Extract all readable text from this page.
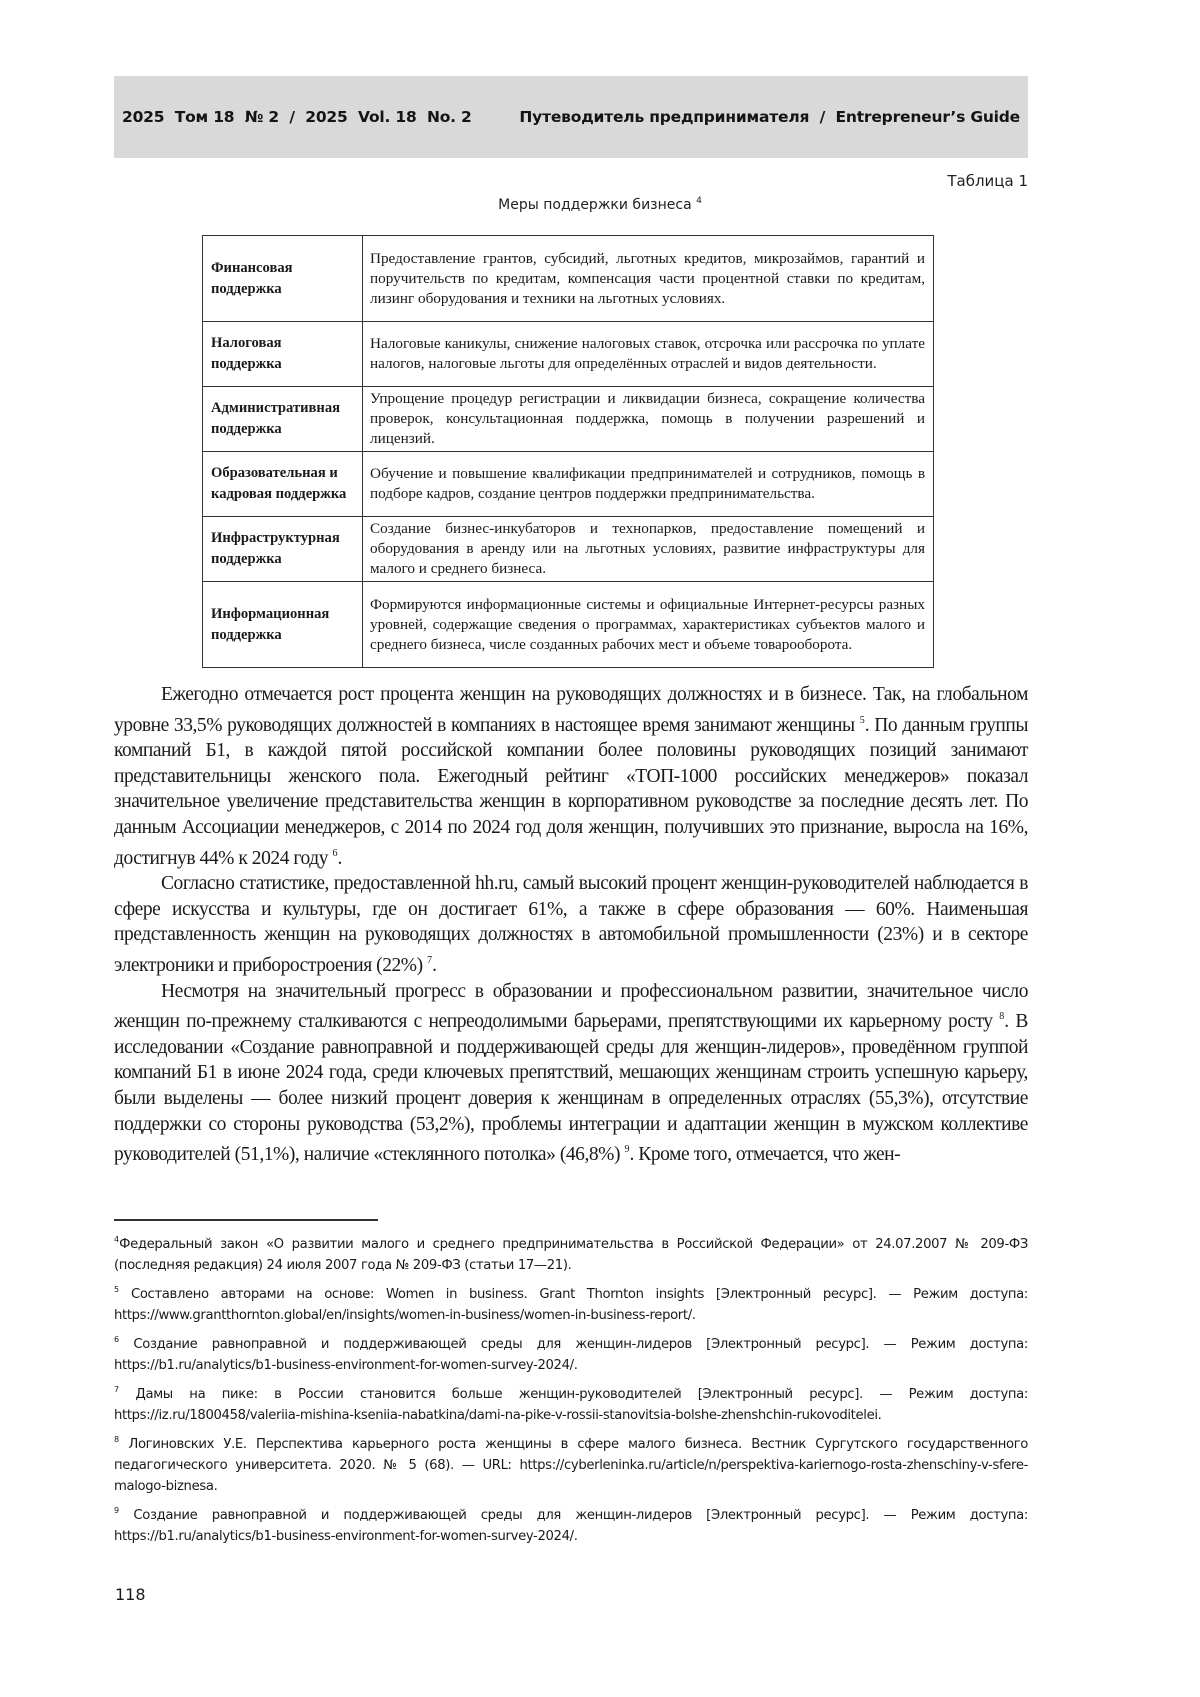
2025  Том 18  № 2  /  2025  Vol. 18  No. 2	Путеводитель предпринимателя  /  Entrepreneur’s Guide
Таблица 1
Меры поддержки бизнеса $^4$
Финансовая поддержка	Предоставление грантов, субсидий, льготных кредитов, микрозаймов, гарантий и поручительств по кредитам, компенсация части процентной ставки по кредитам, лизинг оборудования и техники на льготных условиях.
Налоговая поддержка	Налоговые каникулы, снижение налоговых ставок, отсрочка или рассрочка по уплате налогов, налоговые льготы для определённых отраслей и видов деятельности.
Административная поддержка	Упрощение процедур регистрации и ликвидации бизнеса, сокращение количества проверок, консультационная поддержка, помощь в получении разрешений и лицензий.
Образовательная и кадровая поддержка	Обучение и повышение квалификации предпринимателей и сотрудников, помощь в подборе кадров, создание центров поддержки предпринимательства.
Инфраструктурная поддержка	Создание бизнес-инкубаторов и технопарков, предоставление помещений и оборудования в аренду или на льготных условиях, развитие инфраструктуры для малого и среднего бизнеса.
Информационная поддержка	Формируются информационные системы и официальные Интернет-ресурсы разных уровней, содержащие сведения о программах, характеристиках субъектов малого и среднего бизнеса, числе созданных рабочих мест и объеме товарооборота.

Ежегодно отмечается рост процента женщин на руководящих должностях и в бизнесе. Так, на глобальном уровне 33,5% руководящих должностей в компаниях в настоящее время занимают женщины $^5$. По данным группы компаний Б1, в каждой пятой российской компании более половины руководящих позиций занимают представительницы женского пола. Ежегодный рейтинг «ТОП-1000 российских менеджеров» показал значительное увеличение представительства женщин в корпоративном руководстве за последние десять лет. По данным Ассоциации менеджеров, с 2014 по 2024 год доля женщин, получивших это признание, выросла на 16%, достигнув 44% к 2024 году $^6$.

Согласно статистике, предоставленной hh.ru, самый высокий процент женщин-руководителей наблюдается в сфере искусства и культуры, где он достигает 61%, а также в сфере образования — 60%. Наименьшая представленность женщин на руководящих должностях в автомобильной промышленности (23%) и в секторе электроники и приборостроения (22%) $^7$.

Несмотря на значительный прогресс в образовании и профессиональном развитии, значительное число женщин по-прежнему сталкиваются с непреодолимыми барьерами, препятствующими их карьерному росту $^8$. В исследовании «Создание равноправной и поддерживающей среды для женщин-лидеров», проведённом группой компаний Б1 в июне 2024 года, среди ключевых препятствий, мешающих женщинам строить успешную карьеру, были выделены — более низкий процент доверия к женщинам в определенных отраслях (55,3%), отсутствие поддержки со стороны руководства (53,2%), проблемы интеграции и адаптации женщин в мужском коллективе руководителей (51,1%), наличие «стеклянного потолка» (46,8%) $^9$. Кроме того, отмечается, что жен-

$^4$Федеральный закон «О развитии малого и среднего предпринимательства в Российской Федерации» от 24.07.2007 № 209-ФЗ (последняя редакция) 24 июля 2007 года № 209-ФЗ (статьи 17—21).
$^5$ Составлено авторами на основе: Women in business. Grant Thornton insights [Электронный ресурс]. — Режим доступа: https://www.grantthornton.global/en/insights/women-in-business/women-in-business-report/.
$^6$ Создание равноправной и поддерживающей среды для женщин-лидеров [Электронный ресурс]. — Режим доступа: https://b1.ru/analytics/b1-business-environment-for-women-survey-2024/.
$^7$ Дамы на пике: в России становится больше женщин-руководителей [Электронный ресурс]. — Режим доступа: https://iz.ru/1800458/valeriia-mishina-kseniia-nabatkina/dami-na-pike-v-rossii-stanovitsia-bolshe-zhenshchin-rukovoditelei.
$^8$ Логиновских У.Е. Перспектива карьерного роста женщины в сфере малого бизнеса. Вестник Сургутского государственного педагогического университета. 2020. № 5 (68). — URL: https://cyberleninka.ru/article/n/perspektiva-kariernogo-rosta-zhenschiny-v-sfere-malogo-biznesa.
$^9$ Создание равноправной и поддерживающей среды для женщин-лидеров [Электронный ресурс]. — Режим доступа: https://b1.ru/analytics/b1-business-environment-for-women-survey-2024/.
118
